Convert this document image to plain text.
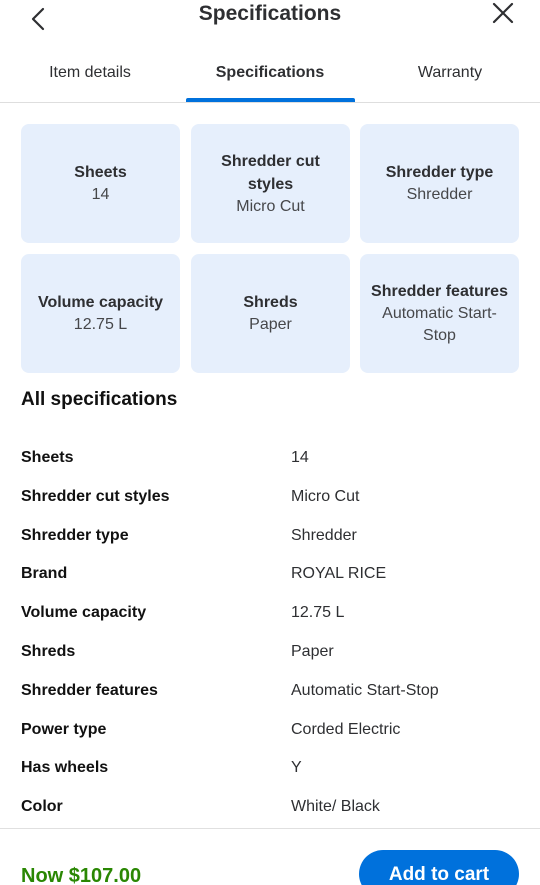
Specifications
Item details	Specifications	Warranty
Sheets
14
Shredder cut styles
Micro Cut
Shredder type
Shredder
Volume capacity
12.75 L
Shreds
Paper
Shredder features
Automatic Start-Stop
All specifications
Sheets	14
Shredder cut styles	Micro Cut
Shredder type	Shredder
Brand	ROYAL RICE
Volume capacity	12.75 L
Shreds	Paper
Shredder features	Automatic Start-Stop
Power type	Corded Electric
Has wheels	Y
Color	White/ Black
Now $107.00	Add to cart
